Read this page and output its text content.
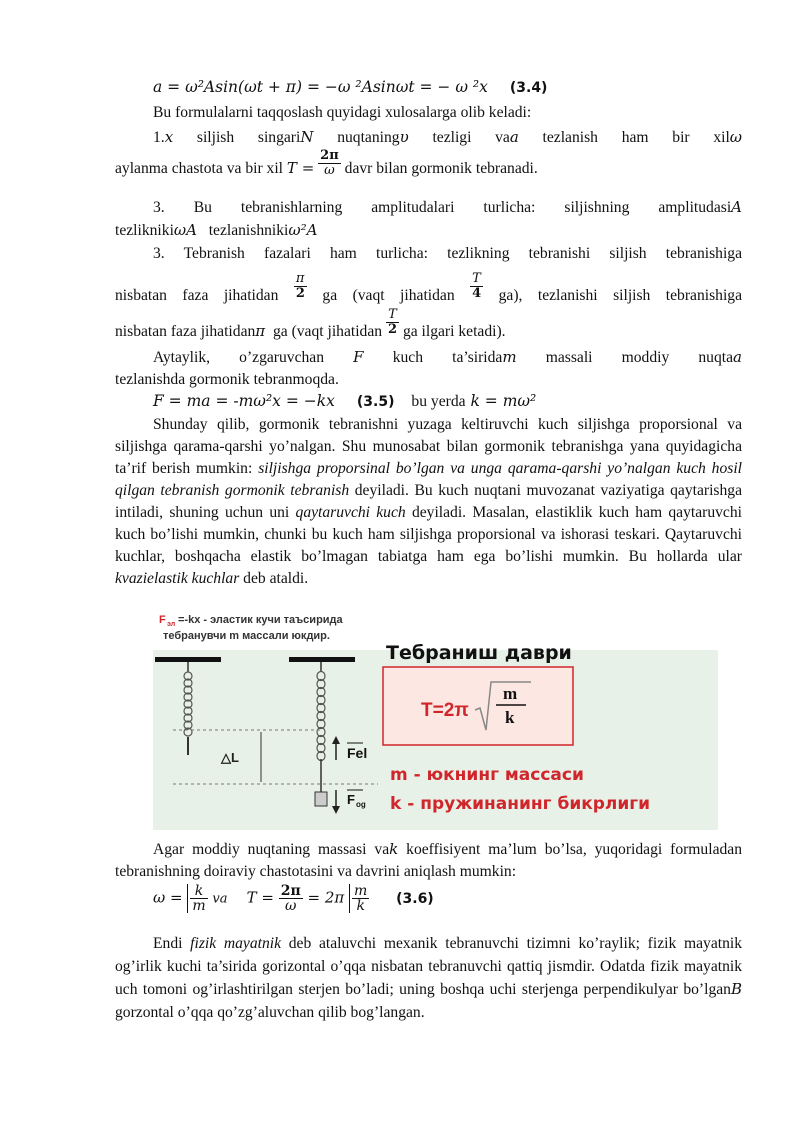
a = ω²Asin(ωt + π) = −ω ²Asinωt = − ω ²x (3.4)

Bu formulalarni taqqoslash quyidagi xulosalarga olib keladi:

1.x siljish singariN nuqtaningυ tezligi vaa tezlanish ham bir xilω

aylanma chastota va bir xil $T = \frac{2\pi}{\omega}$ davr bilan gormonik tebranadi.

3. Bu tebranishlarning amplitudalari turlicha: siljishning amplitudasiA

tezliknikiωA tezlanishnikiω²A

3. Tebranish fazalari ham turlicha: tezlikning tebranishi siljish tebranishiga

nisbatan faza jihatidan $\frac{\pi}{2}$ ga (vaqt jihatidan $\frac{T}{4} ga$), tezlanishi siljish tebranishiga

nisbatan faza jihatidanπ ga (vaqt jihatidan $\frac{T}{2}$ ga ilgari ketadi).

Aytaylik, o’zgaruvchan F kuch ta’siridam massali moddiy nuqtaa

tezlanishda gormonik tebranmoqda.

F = ma = -mω²x = −kx (3.5) bu yerda k = mω²

Shunday qilib, gormonik tebranishni yuzaga keltiruvchi kuch siljishga proporsional va siljishga qarama-qarshi yo’nalgan. Shu munosabat bilan gormonik tebranishga yana quyidagicha ta’rif berish mumkin: siljishga proporsinal bo’lgan va unga qarama-qarshi yo’nalgan kuch hosil qilgan tebranish gormonik tebranish deyiladi. Bu kuch nuqtani muvozanat vaziyatiga qaytarishga intiladi, shuning uchun uni qaytaruvchi kuch deyiladi. Masalan, elastiklik kuch ham qaytaruvchi kuch bo’lishi mumkin, chunki bu kuch ham siljishga proporsional va ishorasi teskari. Qaytaruvchi kuchlar, boshqacha elastik bo’lmagan tabiatga ham ega bo’lishi mumkin. Bu hollarda ular kvazielastik kuchlar deb ataldi.

F эл =-kx - эластик кучи таъсирида
тебранувчи m массали юкдир.
△L	Fel
F og
Тебраниш даври
T=2π
m
k
m - юкнинг массаси
k - пружинанинг бикрлиги

Agar moddiy nuqtaning massasi vak koeffisiyent ma’lum bo’lsa, yuqoridagi formuladan tebranishning doiraviy chastotasini va davrini aniqlash mumkin:

$\omega = \frac{k}{m}$ va $T = \frac{2\pi}{\omega} = 2\pi \frac{m}{k} (3.6)$

Endi fizik mayatnik deb ataluvchi mexanik tebranuvchi tizimni ko’raylik; fizik mayatnik og’irlik kuchi ta’sirida gorizontal o’qqa nisbatan tebranuvchi qattiq jismdir. Odatda fizik mayatnik uch tomoni og’irlashtirilgan sterjen bo’ladi; uning boshqa uchi sterjenga perpendikulyar bo’lganB gorzontal o’qqa qo’zg’aluvchan qilib bog’langan.
